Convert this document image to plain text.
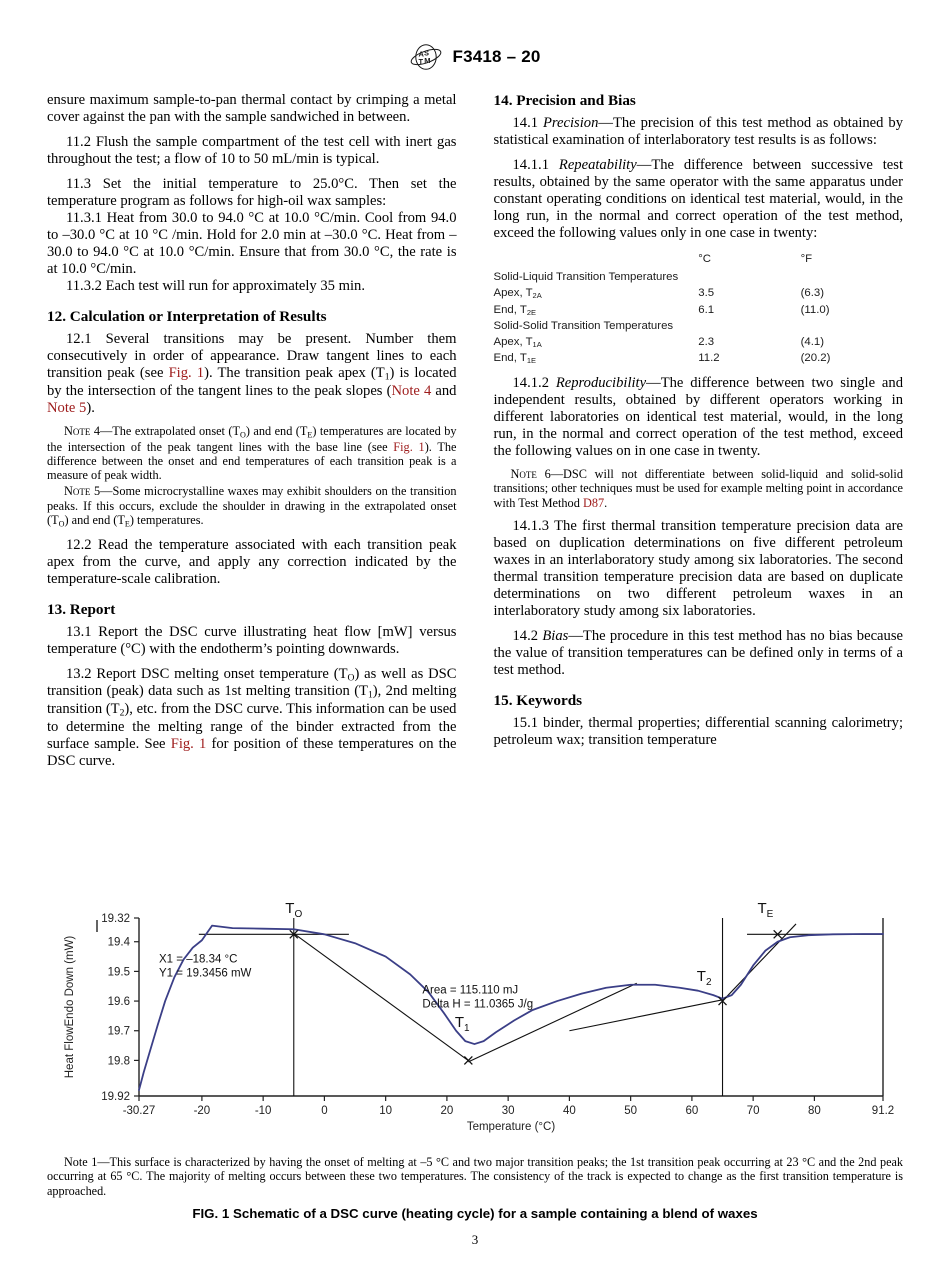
A S
T M F3418 – 20

ensure maximum sample-to-pan thermal contact by crimping a metal cover against the pan with the sample sandwiched in between.

11.2 Flush the sample compartment of the test cell with inert gas throughout the test; a flow of 10 to 50 mL/min is typical.

11.3 Set the initial temperature to 25.0°C. Then set the temperature program as follows for high-oil wax samples:

11.3.1 Heat from 30.0 to 94.0 °C at 10.0 °C/min. Cool from 94.0 to –30.0 °C at 10 °C /min. Hold for 2.0 min at –30.0 °C. Heat from –30.0 to 94.0 °C at 10.0 °C/min. Ensure that from 30.0 °C, the rate is at 10.0 °C/min.

11.3.2 Each test will run for approximately 35 min.

12. Calculation or Interpretation of Results

12.1 Several transitions may be present. Number them consecutively in order of appearance. Draw tangent lines to each transition peak (see Fig. 1). The transition peak apex $(T_1)$ is located by the intersection of the tangent lines to the peak slopes (Note 4 and Note 5).

Note 4—The extrapolated onset $(T_O)$ and end $(T_E)$ temperatures are located by the intersection of the peak tangent lines with the base line (see Fig. 1). The difference between the onset and end temperatures of each transition peak is a measure of peak width.

Note 5—Some microcrystalline waxes may exhibit shoulders on the transition peaks. If this occurs, exclude the shoulder in drawing in the extrapolated onset $(T_O)$ and end $(T_E)$ temperatures.

12.2 Read the temperature associated with each transition peak apex from the curve, and apply any correction indicated by the temperature-scale calibration.

13. Report

13.1 Report the DSC curve illustrating heat flow [mW] versus temperature (°C) with the endotherm’s pointing downwards.

13.2 Report DSC melting onset temperature $(T_O)$ as well as DSC transition (peak) data such as 1st melting transition $(T_1)$, 2nd melting transition $(T_2)$, etc. from the DSC curve. This information can be used to determine the melting range of the binder extracted from the surface sample. See Fig. 1 for position of these temperatures on the DSC curve.

14. Precision and Bias

14.1 Precision—The precision of this test method as obtained by statistical examination of interlaboratory test results is as follows:

14.1.1 Repeatability—The difference between successive test results, obtained by the same operator with the same apparatus under constant operating conditions on identical test material, would, in the long run, in the normal and correct operation of the test method, exceed the following values only in one case in twenty:

	°C	°F
Solid-Liquid Transition Temperatures		
Apex, $T_{2A}$	3.5	(6.3)
End, $T_{2E}$	6.1	(11.0)
Solid-Solid Transition Temperatures		
Apex, $T_{1A}$	2.3	(4.1)
End, $T_{1E}$	11.2	(20.2)

14.1.2 Reproducibility—The difference between two single and independent results, obtained by different operators working in different laboratories on identical test material, would, in the long run, in the normal and correct operation of the test method, exceed the following values on in one case in twenty.

Note 6—DSC will not differentiate between solid-liquid and solid-solid transitions; other techniques must be used for example melting point in accordance with Test Method D87.

14.1.3 The first thermal transition temperature precision data are based on duplication determinations on five different petroleum waxes in an interlaboratory study among six laboratories. The second thermal transition temperature precision data are based on duplicate determinations on two different petroleum waxes in an interlaboratory study among six laboratories.

14.2 Bias—The procedure in this test method has no bias because the value of transition temperatures can be defined only in terms of a test method.

15. Keywords

15.1 binder, thermal properties; differential scanning calorimetry; petroleum wax; transition temperature

19.32
19.4
19.5
19.6
19.7
19.8
19.92
-30.27	-20	-10	0	10	20	30	40	50	60	70	80	91.2
Temperature (°C)
Heat FlowEndo Down (mW)	X1 = –18.34 °C
Y1 = 19.3456 mW
Area = 115.110 mJ
Delta H = 11.0365 J/g
$T_O$	$T_E$
$T_1$
$T_2$

Note 1—This surface is characterized by having the onset of melting at –5 °C and two major transition peaks; the 1st transition peak occurring at 23 °C and the 2nd peak occurring at 65 °C. The majority of melting occurs between these two temperatures. The consistency of the track is expected to change as the first transition temperature is approached.

FIG. 1 Schematic of a DSC curve (heating cycle) for a sample containing a blend of waxes
3
